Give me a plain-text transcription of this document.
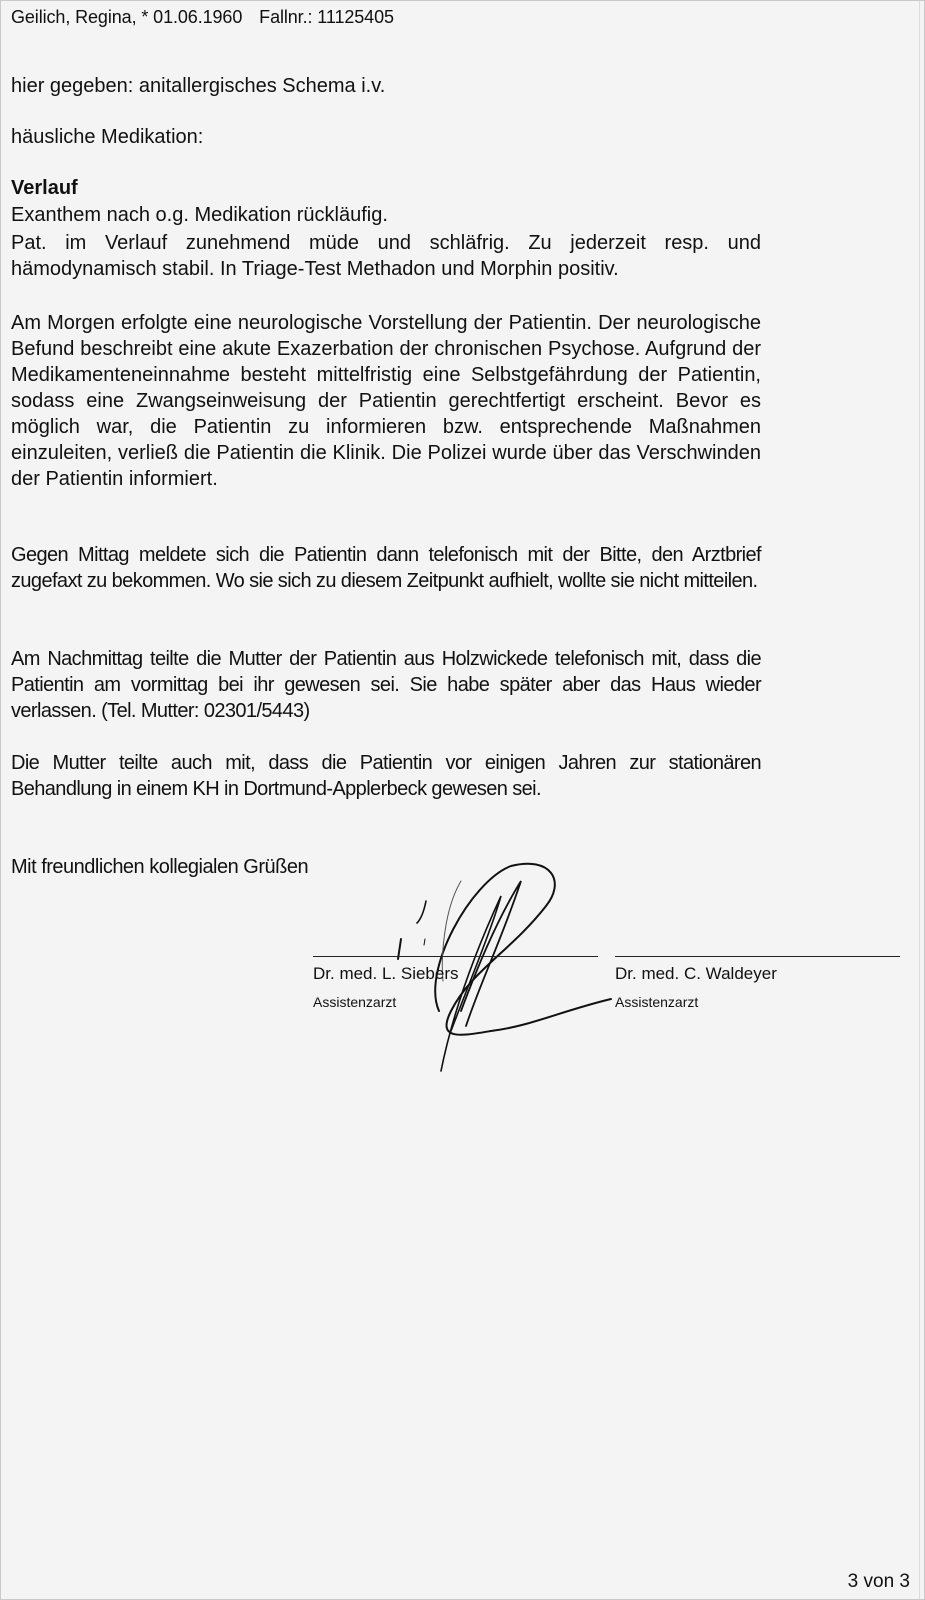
Geilich, Regina, * 01.06.1960 Fallnr.: 11125405
hier gegeben: anitallergisches Schema i.v.
häusliche Medikation:
Verlauf
Exanthem nach o.g. Medikation rückläufig.
Pat. im Verlauf zunehmend müde und schläfrig. Zu jederzeit resp. und hämodynamisch stabil. In Triage-Test Methadon und Morphin positiv.
Am Morgen erfolgte eine neurologische Vorstellung der Patientin. Der neurologische Befund beschreibt eine akute Exazerbation der chronischen Psychose. Aufgrund der Medikamenteneinnahme besteht mittelfristig eine Selbstgefährdung der Patientin, sodass eine Zwangseinweisung der Patientin gerechtfertigt erscheint. Bevor es möglich war, die Patientin zu informieren bzw. entsprechende Maßnahmen einzuleiten, verließ die Patientin die Klinik. Die Polizei wurde über das Verschwinden der Patientin informiert.
Gegen Mittag meldete sich die Patientin dann telefonisch mit der Bitte, den Arztbrief zugefaxt zu bekommen. Wo sie sich zu diesem Zeitpunkt aufhielt, wollte sie nicht mitteilen.
Am Nachmittag teilte die Mutter der Patientin aus Holzwickede telefonisch mit, dass die Patientin am vormittag bei ihr gewesen sei. Sie habe später aber das Haus wieder verlassen. (Tel. Mutter: 02301/5443)
Die Mutter teilte auch mit, dass die Patientin vor einigen Jahren zur stationären Behandlung in einem KH in Dortmund-Applerbeck gewesen sei.
Mit freundlichen kollegialen Grüßen
Dr. med. L. Siebers
Assistenzarzt
Dr. med. C. Waldeyer
Assistenzarzt
3 von 3
